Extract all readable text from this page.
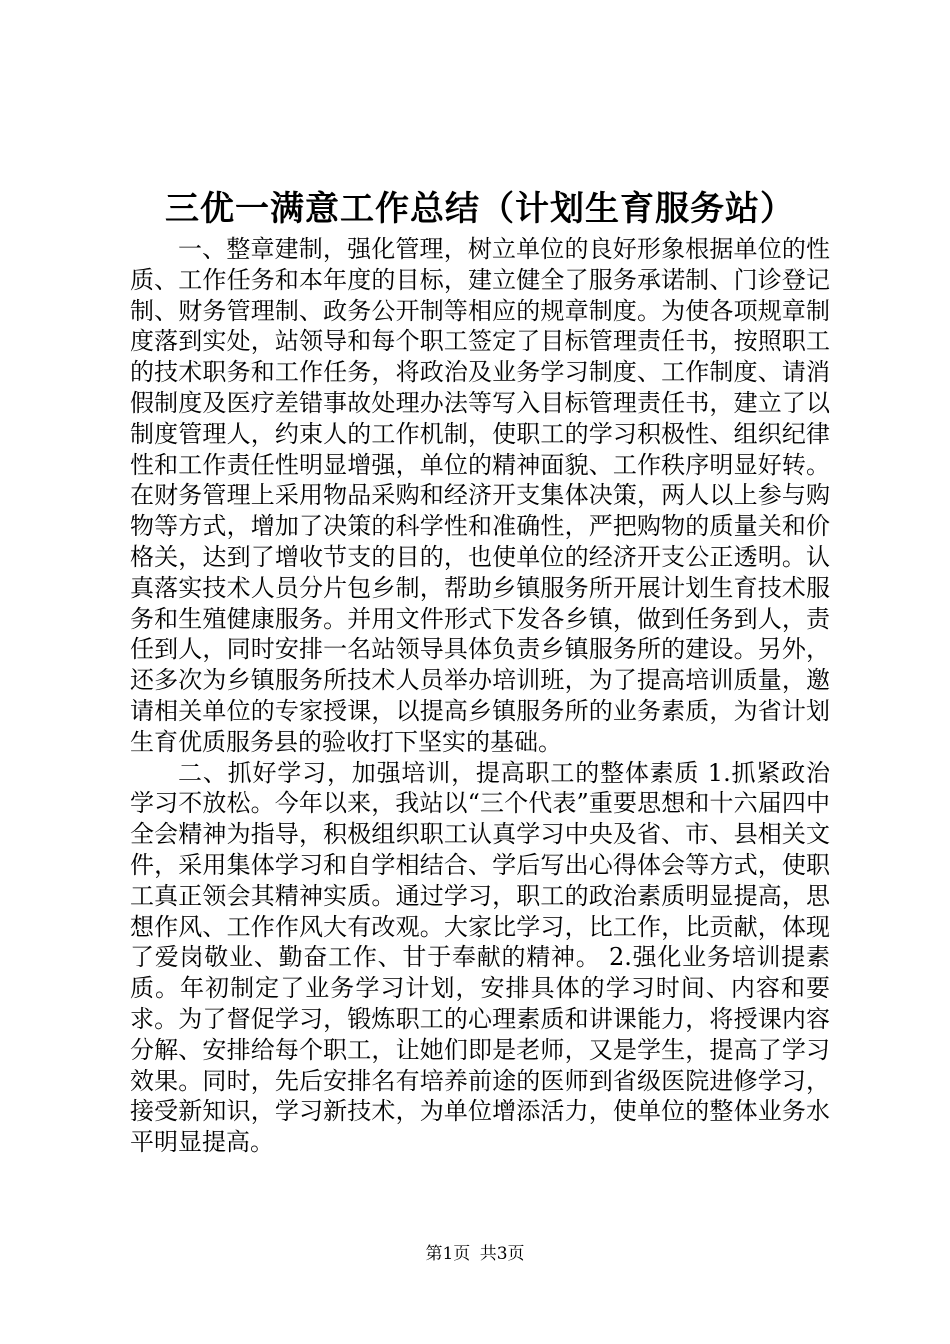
三优一满意工作总结（计划生育服务站）

一、整章建制，强化管理，树立单位的良好形象根据单位的性质、工作任务和本年度的目标，建立健全了服务承诺制、门诊登记制、财务管理制、政务公开制等相应的规章制度。为使各项规章制度落到实处，站领导和每个职工签定了目标管理责任书，按照职工的技术职务和工作任务，将政治及业务学习制度、工作制度、请消假制度及医疗差错事故处理办法等写入目标管理责任书，建立了以制度管理人，约束人的工作机制，使职工的学习积极性、组织纪律性和工作责任性明显增强，单位的精神面貌、工作秩序明显好转。在财务管理上采用物品采购和经济开支集体决策，两人以上参与购物等方式，增加了决策的科学性和准确性，严把购物的质量关和价格关，达到了增收节支的目的，也使单位的经济开支公正透明。认真落实技术人员分片包乡制，帮助乡镇服务所开展计划生育技术服务和生殖健康服务。并用文件形式下发各乡镇，做到任务到人，责任到人，同时安排一名站领导具体负责乡镇服务所的建设。另外，还多次为乡镇服务所技术人员举办培训班，为了提高培训质量，邀请相关单位的专家授课，以提高乡镇服务所的业务素质，为省计划生育优质服务县的验收打下坚实的基础。

二、抓好学习，加强培训，提高职工的整体素质 1.抓紧政治学习不放松。今年以来，我站以“三个代表”重要思想和十六届四中全会精神为指导，积极组织职工认真学习中央及省、市、县相关文件，采用集体学习和自学相结合、学后写出心得体会等方式，使职工真正领会其精神实质。通过学习，职工的政治素质明显提高，思想作风、工作作风大有改观。大家比学习，比工作，比贡献，体现了爱岗敬业、勤奋工作、甘于奉献的精神。 2.强化业务培训提素质。年初制定了业务学习计划，安排具体的学习时间、内容和要求。为了督促学习，锻炼职工的心理素质和讲课能力，将授课内容分解、安排给每个职工，让她们即是老师，又是学生，提高了学习效果。同时，先后安排名有培养前途的医师到省级医院进修学习，接受新知识，学习新技术，为单位增添活力，使单位的整体业务水平明显提高。

第1页 共3页
